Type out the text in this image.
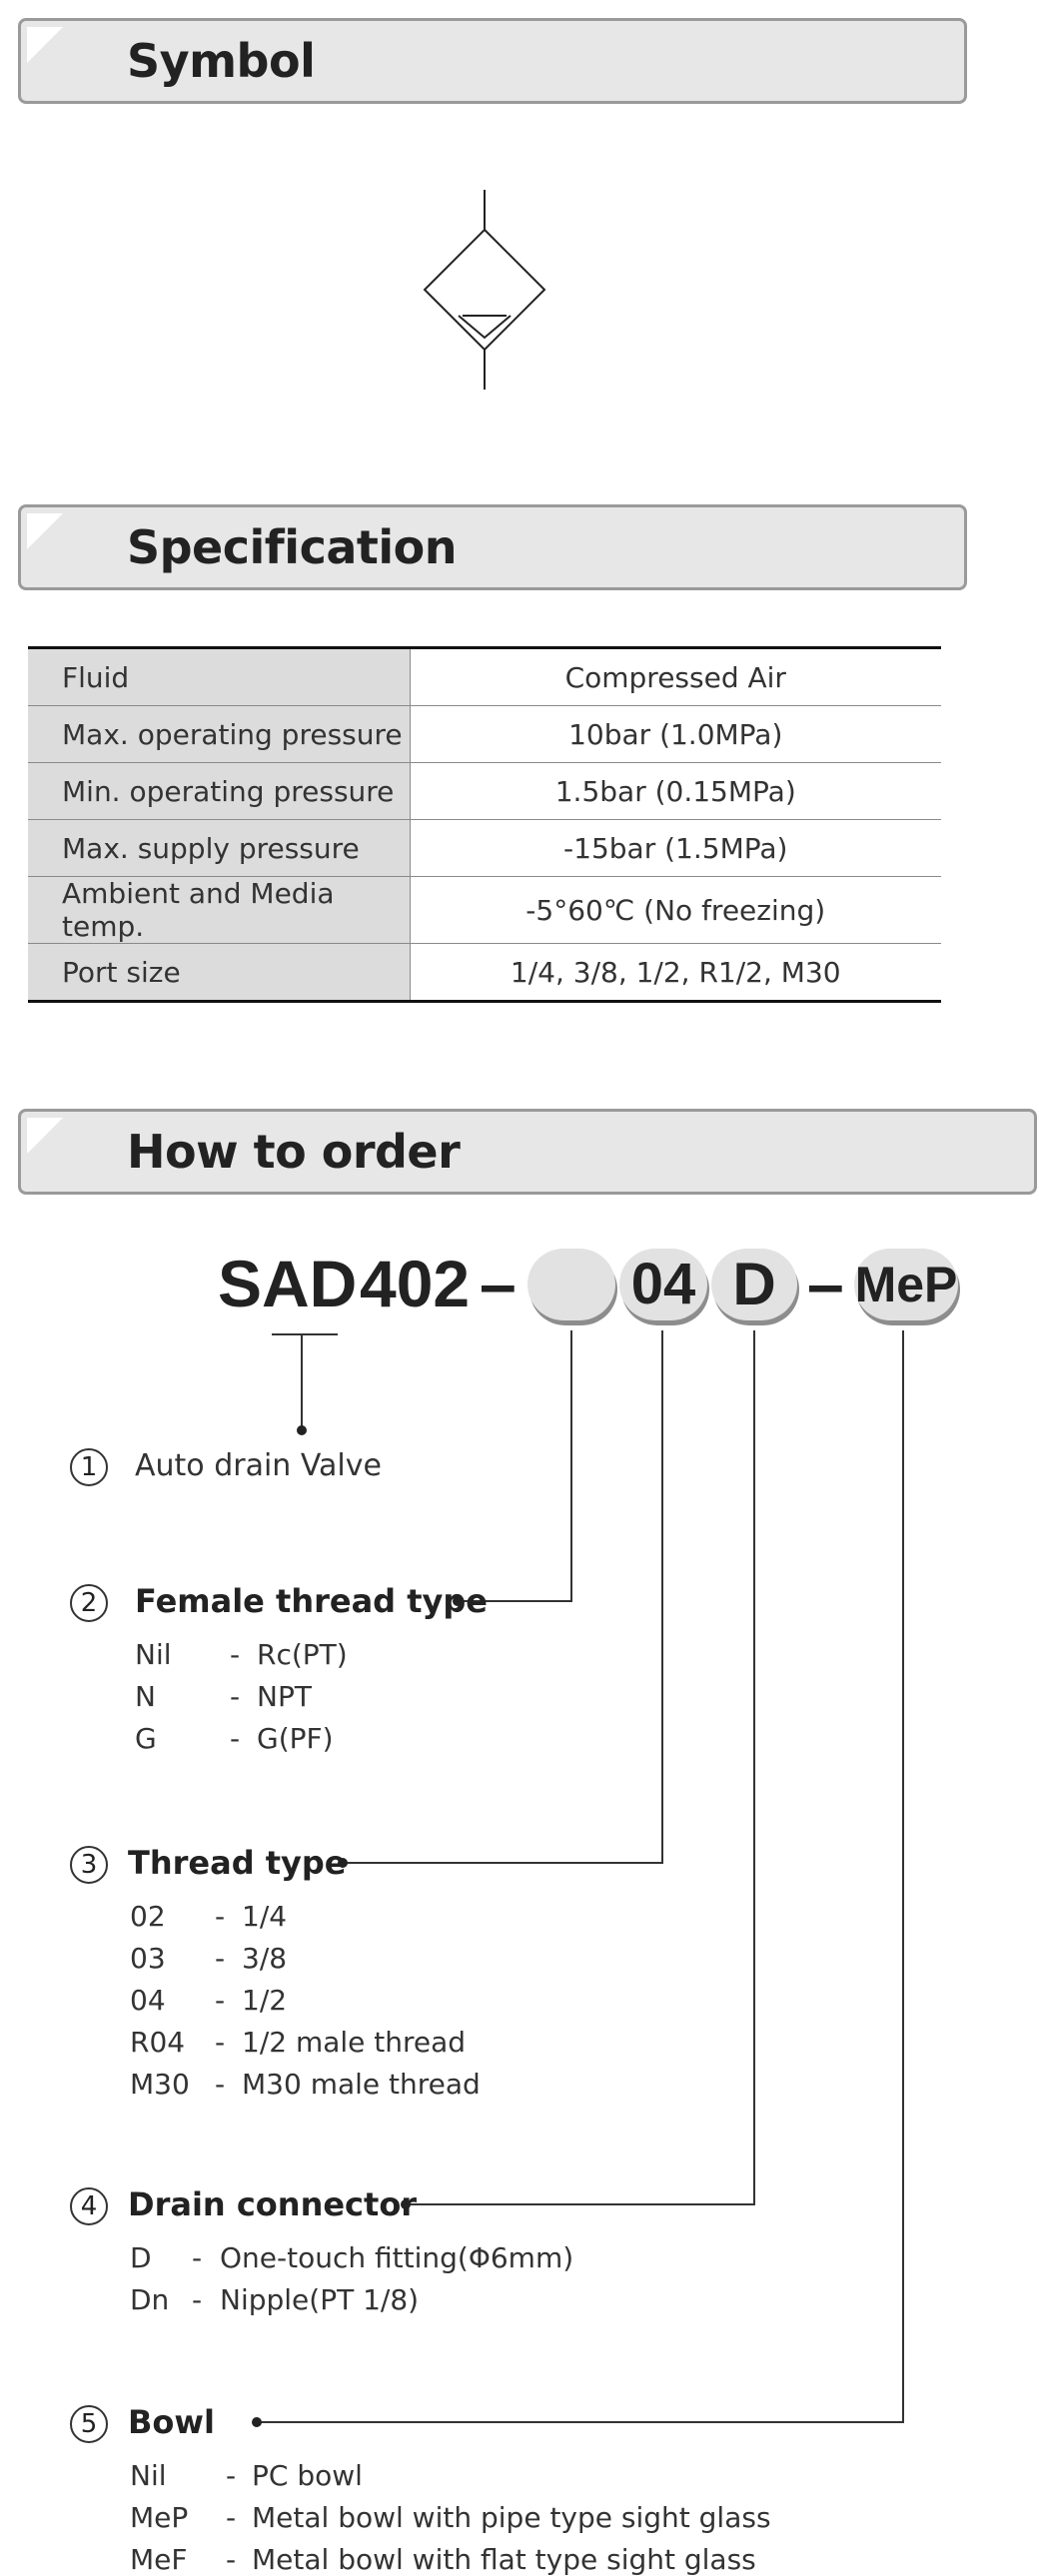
Symbol
Specification
Fluid	Compressed Air
Max. operating pressure	10bar (1.0MPa)
Min. operating pressure	1.5bar (0.15MPa)
Max. supply pressure	-15bar (1.5MPa)
Ambient and Media temp.	-5°60℃ (No freezing)
Port size	1/4, 3/8, 1/2, R1/2, M30
How to order
SAD 402 – 04 D – MeP
1	Auto drain Valve
2	Female thread type
Nil - Rc(PT)
N	- NPT
G	- G(PF)
3 Thread type
02 - 1/4
03 - 3/8
04 - 1/2
R04 - 1/2 male thread
M30 - M30 male thread
4 Drain connector
D - One-touch fitting(Φ6mm)
Dn - Nipple(PT 1/8)
5 Bowl
Nil - PC bowl
MeP - Metal bowl with pipe type sight glass
MeF - Metal bowl with flat type sight glass
